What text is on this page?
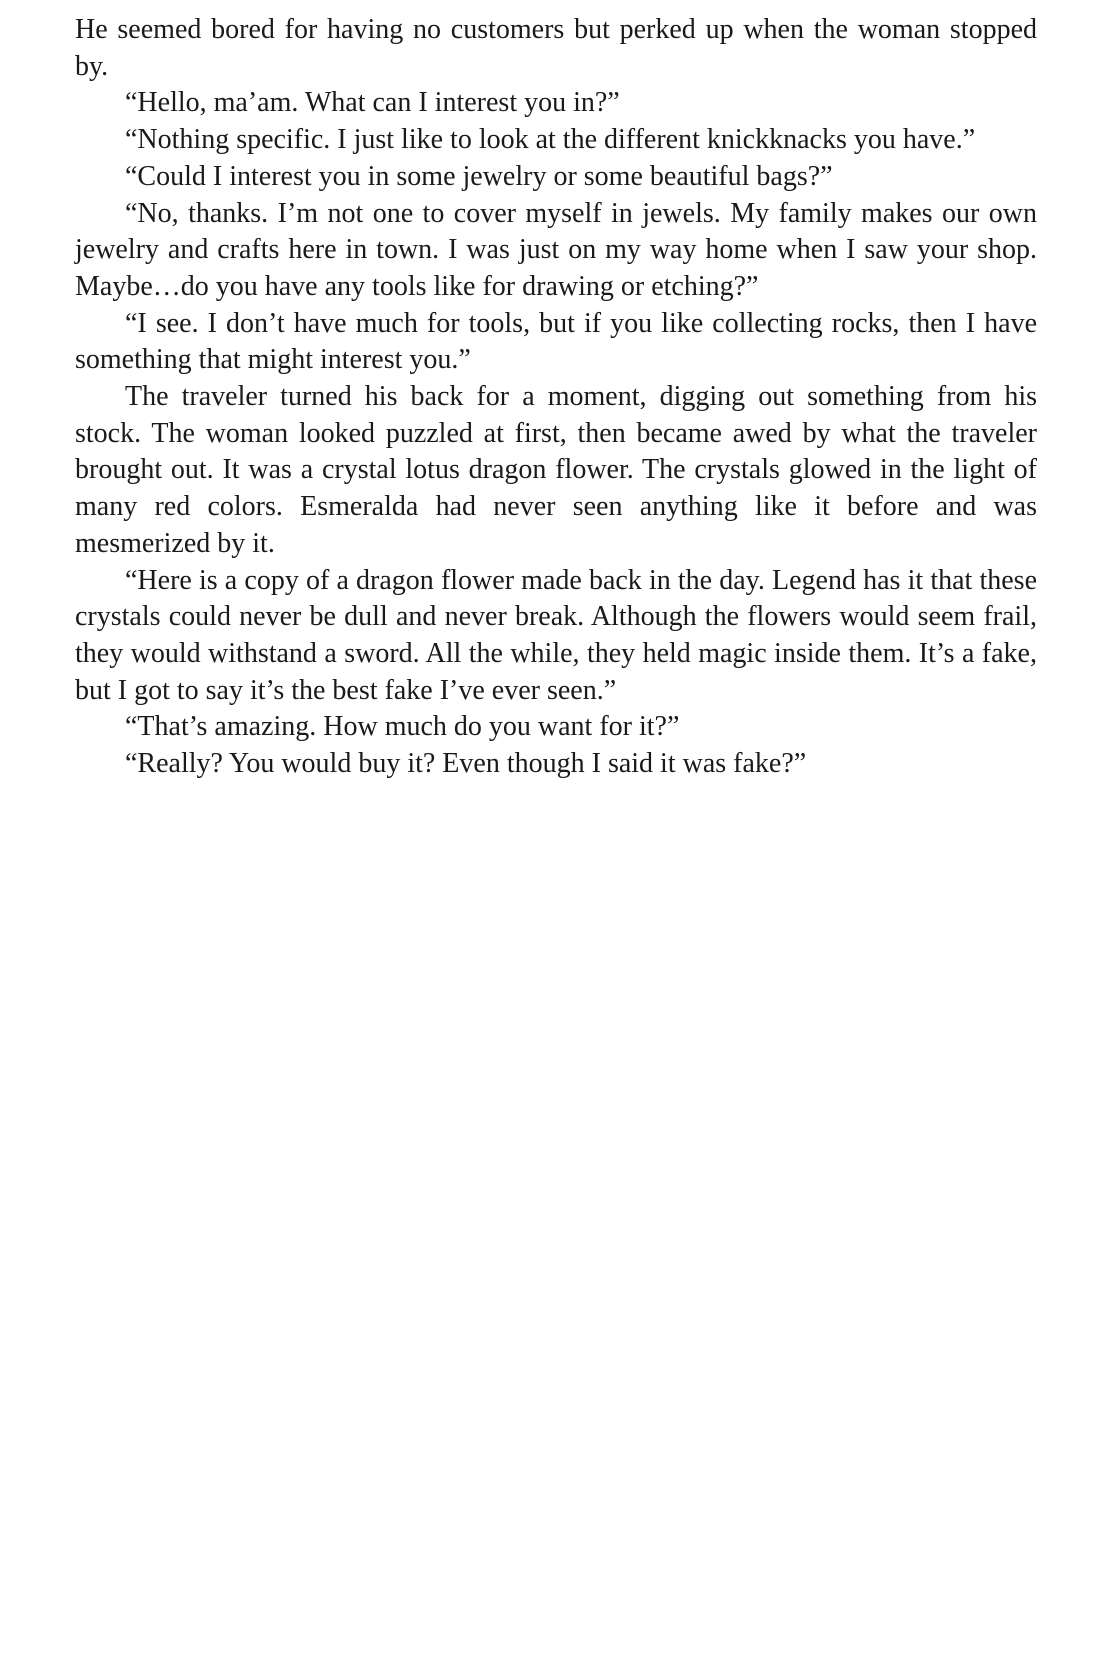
He seemed bored for having no customers but perked up when the woman stopped by.

“Hello, ma’am. What can I interest you in?”

“Nothing specific. I just like to look at the different knickknacks you have.”

“Could I interest you in some jewelry or some beautiful bags?”

“No, thanks. I’m not one to cover myself in jewels. My family makes our own jewelry and crafts here in town. I was just on my way home when I saw your shop. Maybe…do you have any tools like for drawing or etching?”

“I see. I don’t have much for tools, but if you like collecting rocks, then I have something that might interest you.”

The traveler turned his back for a moment, digging out something from his stock. The woman looked puzzled at first, then became awed by what the traveler brought out. It was a crystal lotus dragon flower. The crystals glowed in the light of many red colors. Esmeralda had never seen anything like it before and was mesmerized by it.

“Here is a copy of a dragon flower made back in the day. Legend has it that these crystals could never be dull and never break. Although the flowers would seem frail, they would withstand a sword. All the while, they held magic inside them. It’s a fake, but I got to say it’s the best fake I’ve ever seen.”

“That’s amazing. How much do you want for it?”

“Really? You would buy it? Even though I said it was fake?”
